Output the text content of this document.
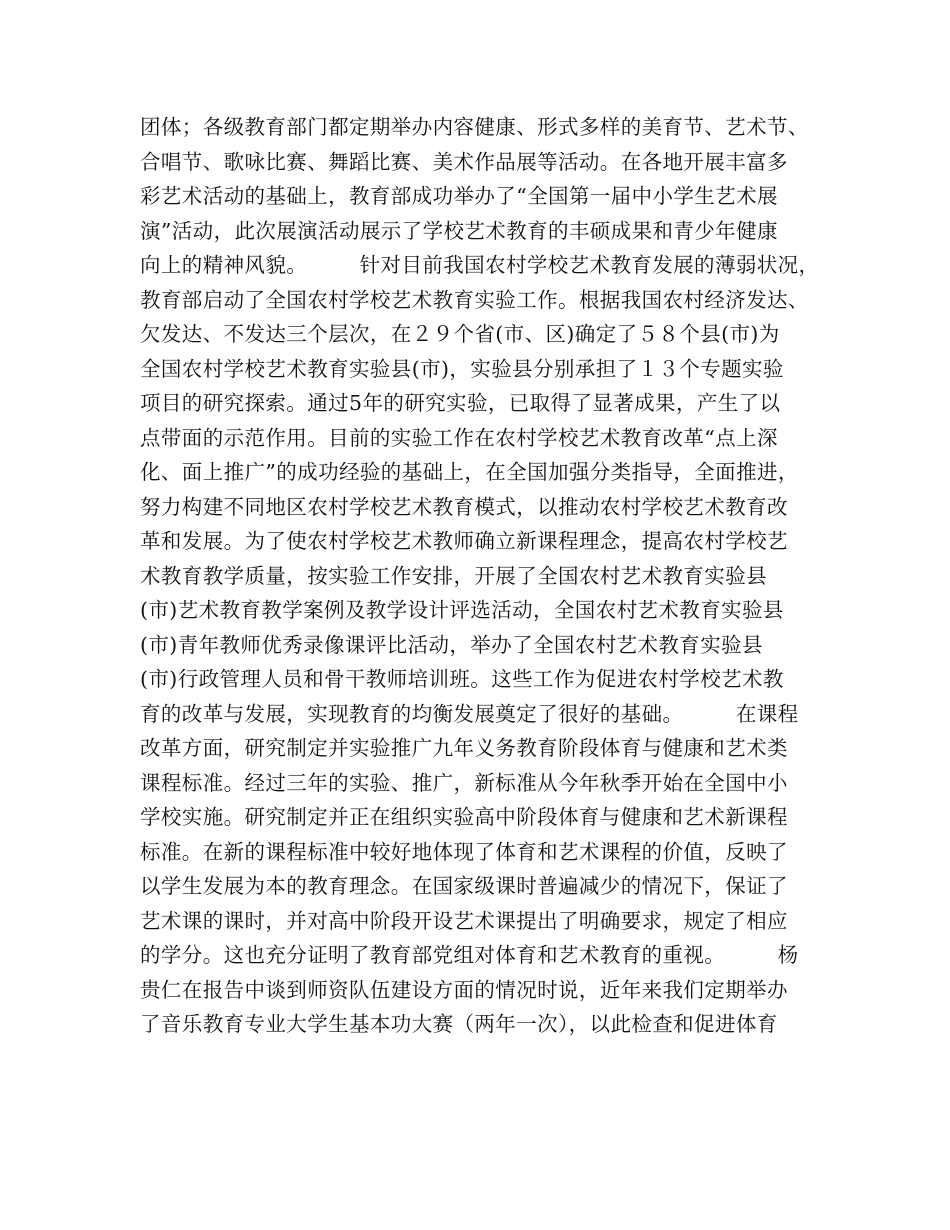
团体；各级教育部门都定期举办内容健康、形式多样的美育节、艺术节、
合唱节、歌咏比赛、舞蹈比赛、美术作品展等活动。在各地开展丰富多
彩艺术活动的基础上，教育部成功举办了“全国第一届中小学生艺术展
演”活动，此次展演活动展示了学校艺术教育的丰硕成果和青少年健康
向上的精神风貌。　　　针对目前我国农村学校艺术教育发展的薄弱状况，
教育部启动了全国农村学校艺术教育实验工作。根据我国农村经济发达、
欠发达、不发达三个层次，在２９个省(市、区)确定了５８个县(市)为
全国农村学校艺术教育实验县(市)，实验县分别承担了１３个专题实验
项目的研究探索。通过5年的研究实验，已取得了显著成果，产生了以
点带面的示范作用。目前的实验工作在农村学校艺术教育改革“点上深
化、面上推广”的成功经验的基础上，在全国加强分类指导，全面推进，
努力构建不同地区农村学校艺术教育模式，以推动农村学校艺术教育改
革和发展。为了使农村学校艺术教师确立新课程理念，提高农村学校艺
术教育教学质量，按实验工作安排，开展了全国农村艺术教育实验县
(市)艺术教育教学案例及教学设计评选活动，全国农村艺术教育实验县
(市)青年教师优秀录像课评比活动，举办了全国农村艺术教育实验县
(市)行政管理人员和骨干教师培训班。这些工作为促进农村学校艺术教
育的改革与发展，实现教育的均衡发展奠定了很好的基础。　　　在课程
改革方面，研究制定并实验推广九年义务教育阶段体育与健康和艺术类
课程标准。经过三年的实验、推广，新标准从今年秋季开始在全国中小
学校实施。研究制定并正在组织实验高中阶段体育与健康和艺术新课程
标准。在新的课程标准中较好地体现了体育和艺术课程的价值，反映了
以学生发展为本的教育理念。在国家级课时普遍减少的情况下，保证了
艺术课的课时，并对高中阶段开设艺术课提出了明确要求，规定了相应
的学分。这也充分证明了教育部党组对体育和艺术教育的重视。　　　杨
贵仁在报告中谈到师资队伍建设方面的情况时说，近年来我们定期举办
了音乐教育专业大学生基本功大赛（两年一次），以此检查和促进体育
